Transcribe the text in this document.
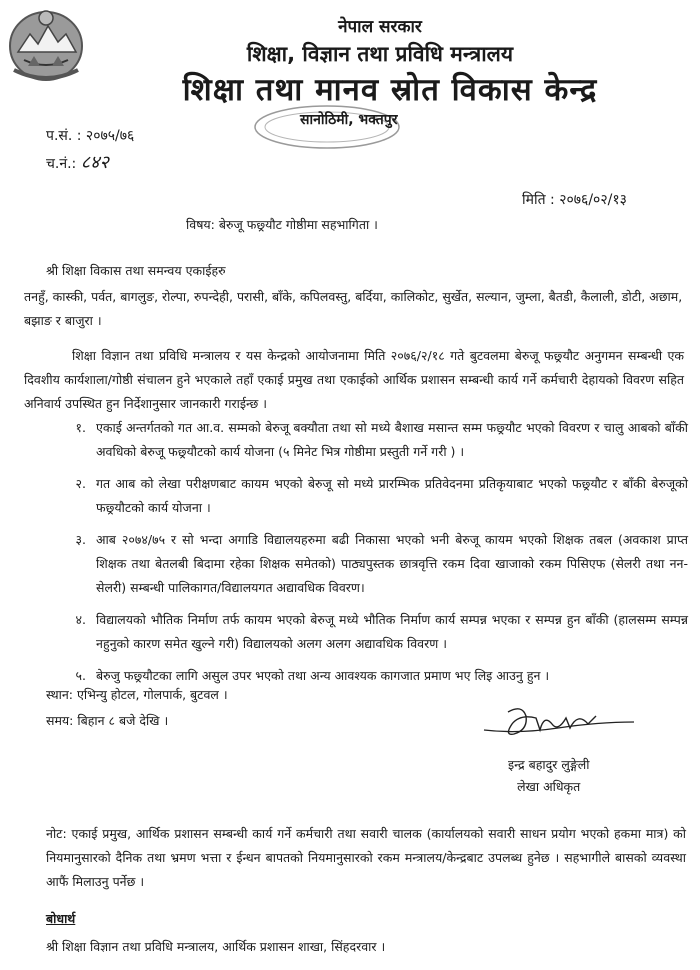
नेपाल सरकार
शिक्षा, विज्ञान तथा प्रविधि मन्त्रालय
शिक्षा तथा मानव स्रोत विकास केन्द्र
सानोठिमी, भक्तपुर
प.सं. : २०७५/७६
च.नं.: ८४२
मिति : २०७६/०२/१३
विषय: बेरुजू फछ्र्यौट गोष्ठीमा सहभागिता ।
श्री शिक्षा विकास तथा समन्वय एकाईहरु
तनहुँ, कास्की, पर्वत, बागलुङ, रोल्पा, रुपन्देही, परासी, बाँके, कपिलवस्तु, बर्दिया, कालिकोट, सुर्खेत, सल्यान, जुम्ला, बैतडी, कैलाली, डोटी, अछाम, बझाङ र बाजुरा ।
शिक्षा विज्ञान तथा प्रविधि मन्त्रालय र यस केन्द्रको आयोजनामा मिति २०७६/२/१८ गते बुटवलमा बेरुजू फछ्र्यौट अनुगमन सम्बन्धी एक दिवशीय कार्यशाला/गोष्ठी संचालन हुने भएकाले तहाँ एकाई प्रमुख तथा एकाईको आर्थिक प्रशासन सम्बन्धी कार्य गर्ने कर्मचारी देहायको विवरण सहित अनिवार्य उपस्थित हुन निर्देशानुसार जानकारी गराईन्छ ।
१. एकाई अन्तर्गतको गत आ.व. सम्मको बेरुजू बक्यौता तथा सो मध्ये बैशाख मसान्त सम्म फछ्र्यौट भएको विवरण र चालु आबको बाँकी अवधिको बेरुजू फछ्र्यौटको कार्य योजना (५ मिनेट भित्र गोष्ठीमा प्रस्तुती गर्ने गरी ) ।
२. गत आब को लेखा परीक्षणबाट कायम भएको बेरुजू सो मध्ये प्रारम्भिक प्रतिवेदनमा प्रतिकृयाबाट भएको फछ्र्यौट र बाँकी बेरुजूको फछ्र्यौटको कार्य योजना ।
३. आब २०७४/७५ र सो भन्दा अगाडि विद्यालयहरुमा बढी निकासा भएको भनी बेरुजू कायम भएको शिक्षक तबल (अवकाश प्राप्त शिक्षक तथा बेतलबी बिदामा रहेका शिक्षक समेतको) पाठ्यपुस्तक छात्रवृत्ति रकम दिवा खाजाको रकम पिसिएफ (सेलरी तथा नन-सेलरी) सम्बन्धी पालिकागत/विद्यालयगत अद्यावधिक विवरण।
४. विद्यालयको भौतिक निर्माण तर्फ कायम भएको बेरुजू मध्ये भौतिक निर्माण कार्य सम्पन्न भएका र सम्पन्न हुन बाँकी (हालसम्म सम्पन्न नहुनुको कारण समेत खुल्ने गरी) विद्यालयको अलग अलग अद्यावधिक विवरण ।
५. बेरुजु फछ्र्यौटका लागि असुल उपर भएको तथा अन्य आवश्यक कागजात प्रमाण भए लिइ आउनु हुन ।
स्थान: एभिन्यु होटल, गोलपार्क, बुटवल ।
समय: बिहान ८ बजे देखि ।
इन्द्र बहादुर लुङ्गेली
लेखा अधिकृत
नोट: एकाई प्रमुख, आर्थिक प्रशासन सम्बन्धी कार्य गर्ने कर्मचारी तथा सवारी चालक (कार्यालयको सवारी साधन प्रयोग भएको हकमा मात्र) को नियमानुसारको दैनिक तथा भ्रमण भत्ता र ईन्धन बापतको नियमानुसारको रकम मन्त्रालय/केन्द्रबाट उपलब्ध हुनेछ । सहभागीले बासको व्यवस्था आफैं मिलाउनु पर्नेछ ।
बोधार्थ
श्री शिक्षा विज्ञान तथा प्रविधि मन्त्रालय, आर्थिक प्रशासन शाखा, सिंहदरवार ।
